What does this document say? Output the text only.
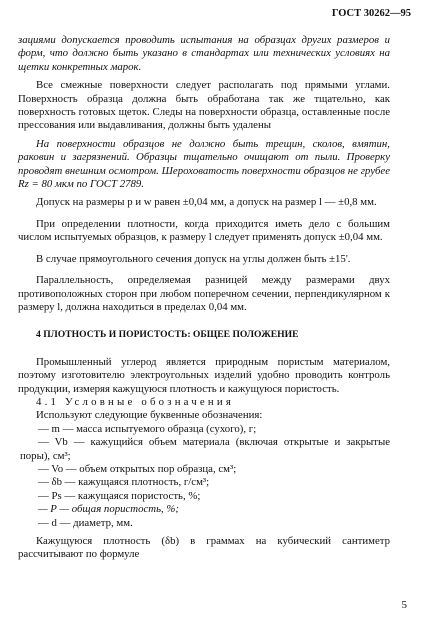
ГОСТ 30262—95

зациями допускается проводить испытания на образцах других размеров и форм, что должно быть указано в стандартах или технических условиях на щетки конкретных марок.

Все смежные поверхности следует располагать под прямыми углами. Поверхность образца должна быть обработана так же тщательно, как поверхность готовых щеток. Следы на поверхности образца, оставленные после прессования или выдавливания, должны быть удалены

На поверхности образцов не должно быть трещин, сколов, вмятин, раковин и загрязнений. Образцы тщательно очищают от пыли. Проверку проводят внешним осмотром. Шероховатость поверхности образцов не грубее Rz = 80 мкм по ГОСТ 2789.

Допуск на размеры p и w равен ±0,04 мм, а допуск на размер l — ±0,8 мм.

При определении плотности, когда приходится иметь дело с большим числом испытуемых образцов, к размеру l следует применять допуск ±0,04 мм.

В случае прямоугольного сечения допуск на углы должен быть ±15'.

Параллельность, определяемая разницей между размерами двух противоположных сторон при любом поперечном сечении, перпендикулярном к размеру l, должна находиться в пределах 0,04 мм.

4 ПЛОТНОСТЬ И ПОРИСТОСТЬ: ОБЩЕЕ ПОЛОЖЕНИЕ

Промышленный углерод является природным пористым материалом, поэтому изготовителю электроугольных изделий удобно проводить контроль продукции, измеряя кажущуюся плотность и кажущуюся пористость.

4.1 Условные обозначения

Используют следующие буквенные обозначения:

— m — масса испытуемого образца (сухого), г;

— Vb — кажущийся объем материала (включая открытые и закрытые поры), см³;

— Vo — объем открытых пор образца, см³;

— δb — кажущаяся плотность, г/см³;

— Ps — кажущаяся пористость, %;

— P — общая пористость, %;

— d — диаметр, мм.

Кажущуюся плотность (δb) в граммах на кубический сантиметр рассчитывают по формуле

5
